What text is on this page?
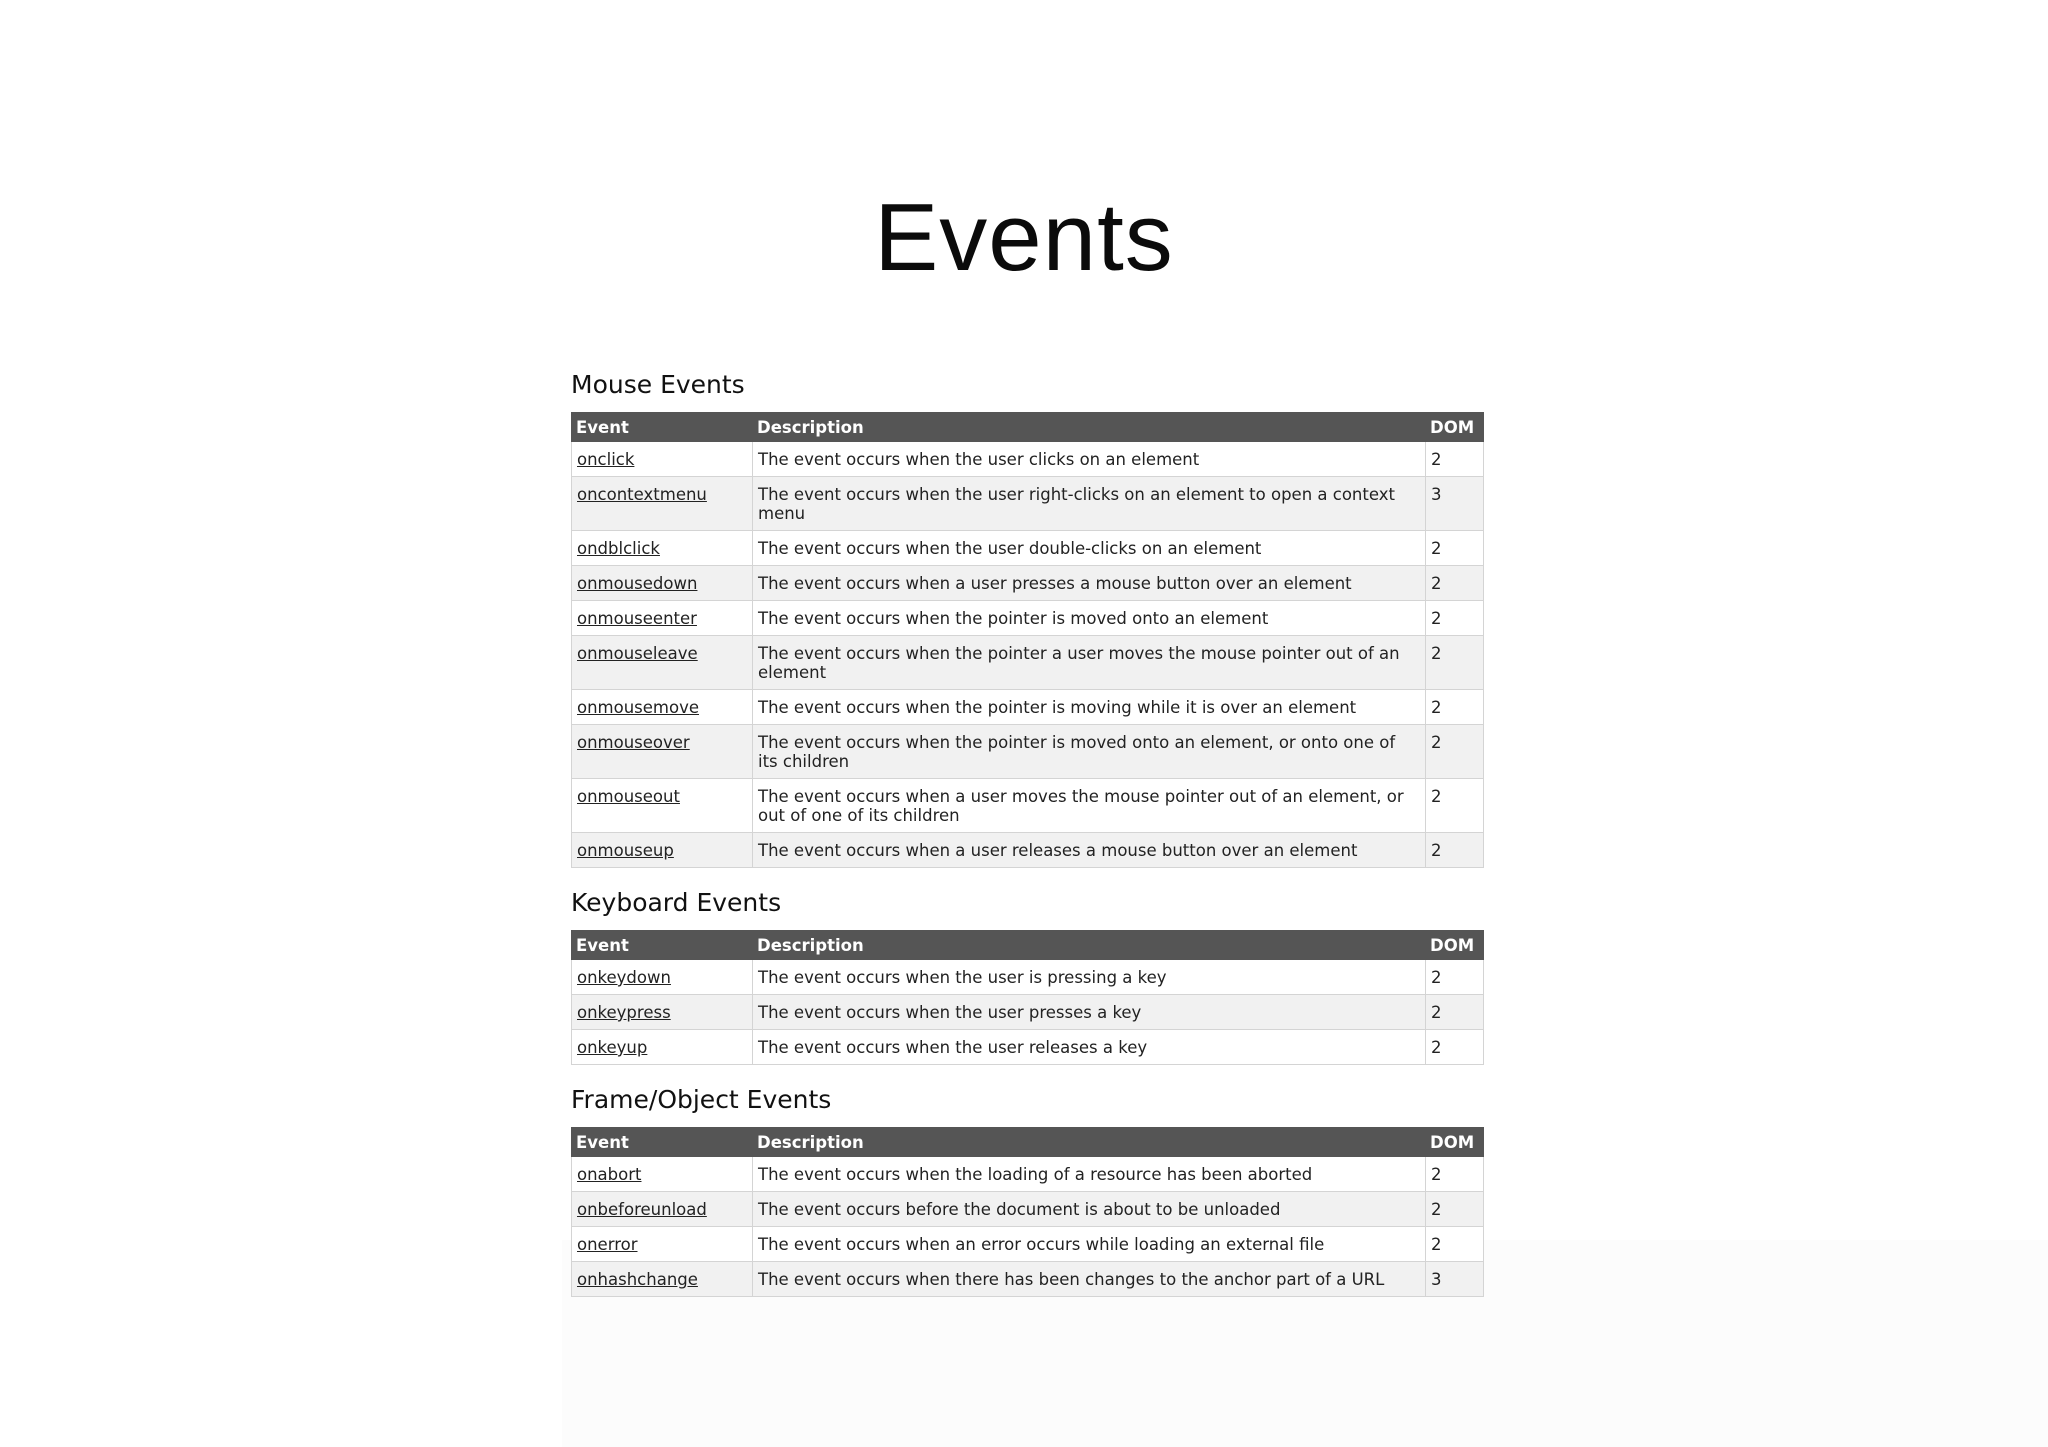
Events
Mouse Events
Event	Description	DOM
onclick	The event occurs when the user clicks on an element	2
oncontextmenu	The event occurs when the user right-clicks on an element to open a context menu	3
ondblclick	The event occurs when the user double-clicks on an element	2
onmousedown	The event occurs when a user presses a mouse button over an element	2
onmouseenter	The event occurs when the pointer is moved onto an element	2
onmouseleave	The event occurs when the pointer a user moves the mouse pointer out of an element	2
onmousemove	The event occurs when the pointer is moving while it is over an element	2
onmouseover	The event occurs when the pointer is moved onto an element, or onto one of its children	2
onmouseout	The event occurs when a user moves the mouse pointer out of an element, or out of one of its children	2
onmouseup	The event occurs when a user releases a mouse button over an element	2
Keyboard Events
Event	Description	DOM
onkeydown	The event occurs when the user is pressing a key	2
onkeypress	The event occurs when the user presses a key	2
onkeyup	The event occurs when the user releases a key	2
Frame/Object Events
Event	Description	DOM
onabort	The event occurs when the loading of a resource has been aborted	2
onbeforeunload	The event occurs before the document is about to be unloaded	2
onerror	The event occurs when an error occurs while loading an external file	2
onhashchange	The event occurs when there has been changes to the anchor part of a URL	3
